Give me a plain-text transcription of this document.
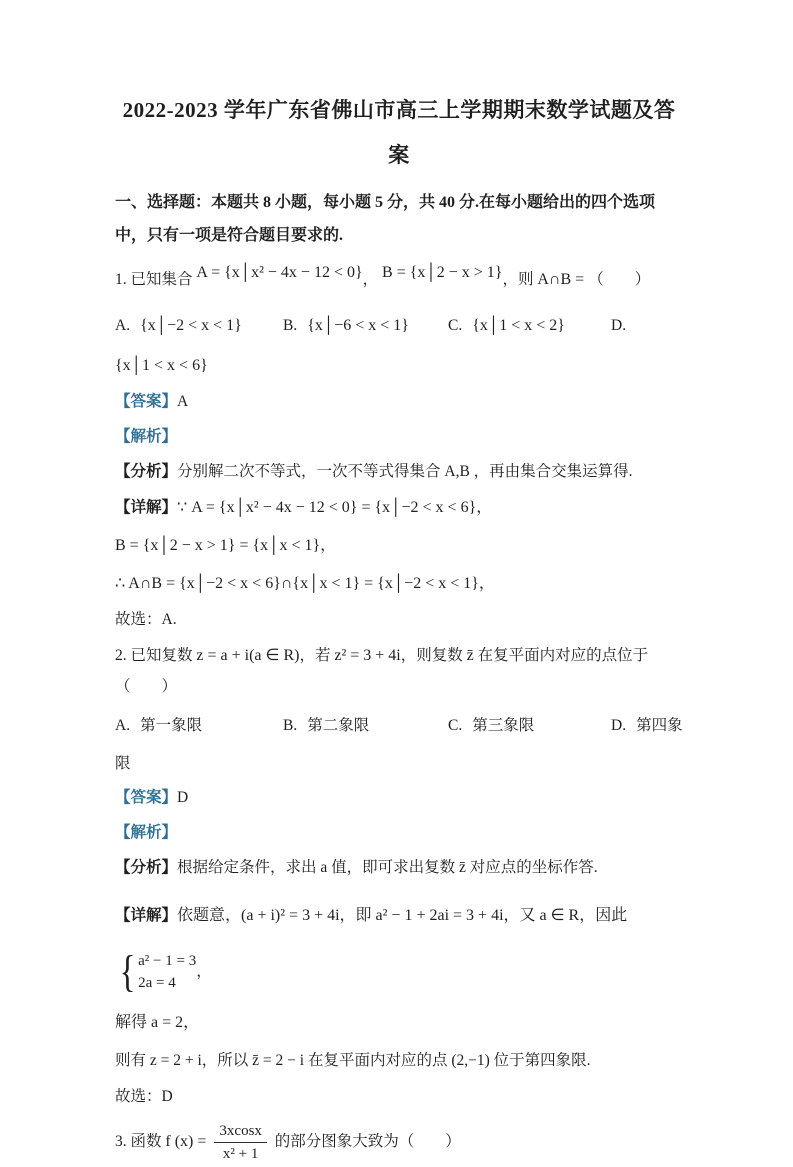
2022-2023 学年广东省佛山市高三上学期期末数学试题及答案

一、选择题：本题共 8 小题，每小题 5 分，共 40 分.在每小题给出的四个选项中，只有一项是符合题目要求的.

1. 已知集合 A = {x│x² − 4x − 12 < 0}， B = {x│2 − x > 1}，则 A∩B = （　　）

A. {x│−2 < x < 1}	B. {x│−6 < x < 1}	C. {x│1 < x < 2}	D.

{x│1 < x < 6}

【答案】A

【解析】

【分析】分别解二次不等式，一次不等式得集合 A,B ，再由集合交集运算得.

【详解】∵ A = {x│x² − 4x − 12 < 0} = {x│−2 < x < 6}，

B = {x│2 − x > 1} = {x│x < 1}，

∴ A∩B = {x│−2 < x < 6}∩{x│x < 1} = {x│−2 < x < 1}，

故选：A.

2. 已知复数 z = a + i(a ∈ R)，若 z² = 3 + 4i，则复数 z̄ 在复平面内对应的点位于（　　）

A. 第一象限	B. 第二象限	C. 第三象限	D. 第四象

限

【答案】D

【解析】

【分析】根据给定条件，求出 a 值，即可求出复数 z̄ 对应点的坐标作答.

【详解】依题意，(a + i)² = 3 + 4i，即 a² − 1 + 2ai = 3 + 4i，又 a ∈ R，因此
{ a² − 1 = 3
2a = 4
，

解得 a = 2，

则有 z = 2 + i，所以 z̄ = 2 − i 在复平面内对应的点 (2,−1) 位于第四象限.

故选：D

3. 函数 f $(x) = \frac{3xcosx}{\text{x² + 1}}$ 的部分图象大致为（　　）
